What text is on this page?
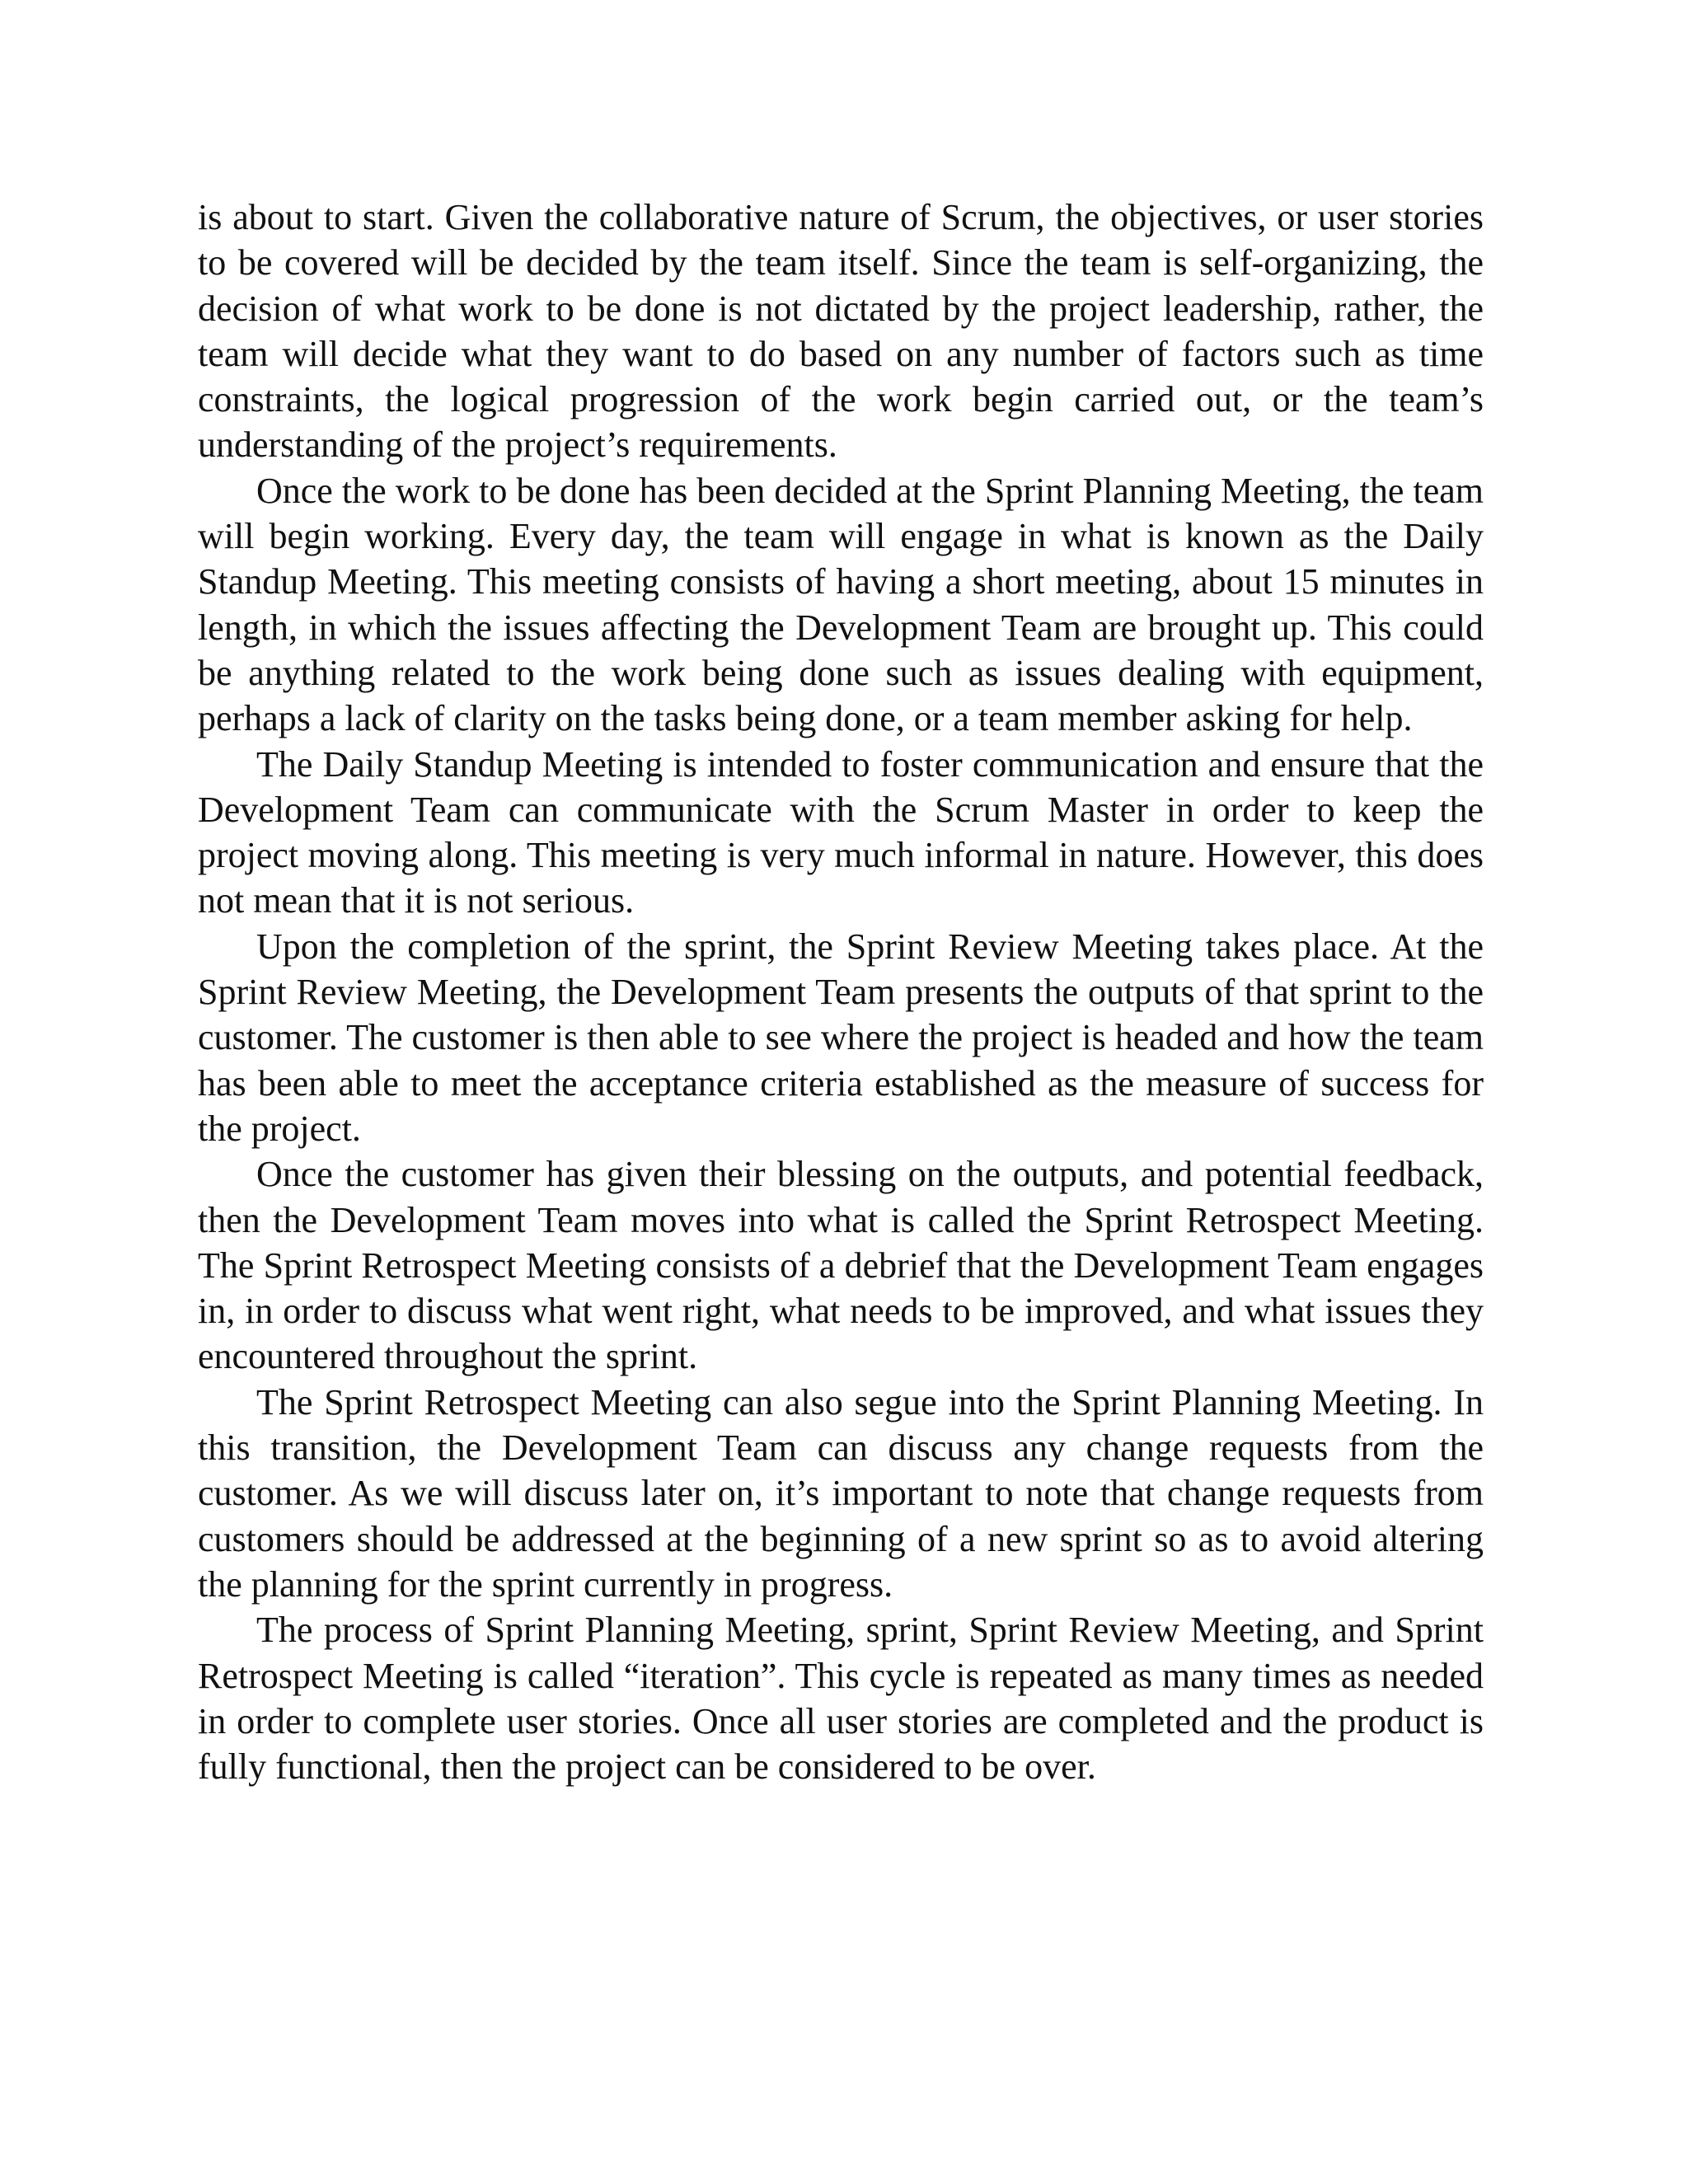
is about to start. Given the collaborative nature of Scrum, the objectives, or user stories to be covered will be decided by the team itself. Since the team is self-organizing, the decision of what work to be done is not dictated by the project leadership, rather, the team will decide what they want to do based on any number of factors such as time constraints, the logical progression of the work begin carried out, or the team’s understanding of the project’s requirements.

Once the work to be done has been decided at the Sprint Planning Meeting, the team will begin working. Every day, the team will engage in what is known as the Daily Standup Meeting. This meeting consists of having a short meeting, about 15 minutes in length, in which the issues affecting the Development Team are brought up. This could be anything related to the work being done such as issues dealing with equipment, perhaps a lack of clarity on the tasks being done, or a team member asking for help.

The Daily Standup Meeting is intended to foster communication and ensure that the Development Team can communicate with the Scrum Master in order to keep the project moving along. This meeting is very much informal in nature. However, this does not mean that it is not serious.

Upon the completion of the sprint, the Sprint Review Meeting takes place. At the Sprint Review Meeting, the Development Team presents the outputs of that sprint to the customer. The customer is then able to see where the project is headed and how the team has been able to meet the acceptance criteria established as the measure of success for the project.

Once the customer has given their blessing on the outputs, and potential feedback, then the Development Team moves into what is called the Sprint Retrospect Meeting. The Sprint Retrospect Meeting consists of a debrief that the Development Team engages in, in order to discuss what went right, what needs to be improved, and what issues they encountered throughout the sprint.

The Sprint Retrospect Meeting can also segue into the Sprint Planning Meeting. In this transition, the Development Team can discuss any change requests from the customer. As we will discuss later on, it’s important to note that change requests from customers should be addressed at the beginning of a new sprint so as to avoid altering the planning for the sprint currently in progress.

The process of Sprint Planning Meeting, sprint, Sprint Review Meeting, and Sprint Retrospect Meeting is called “iteration”. This cycle is repeated as many times as needed in order to complete user stories. Once all user stories are completed and the product is fully functional, then the project can be considered to be over.
